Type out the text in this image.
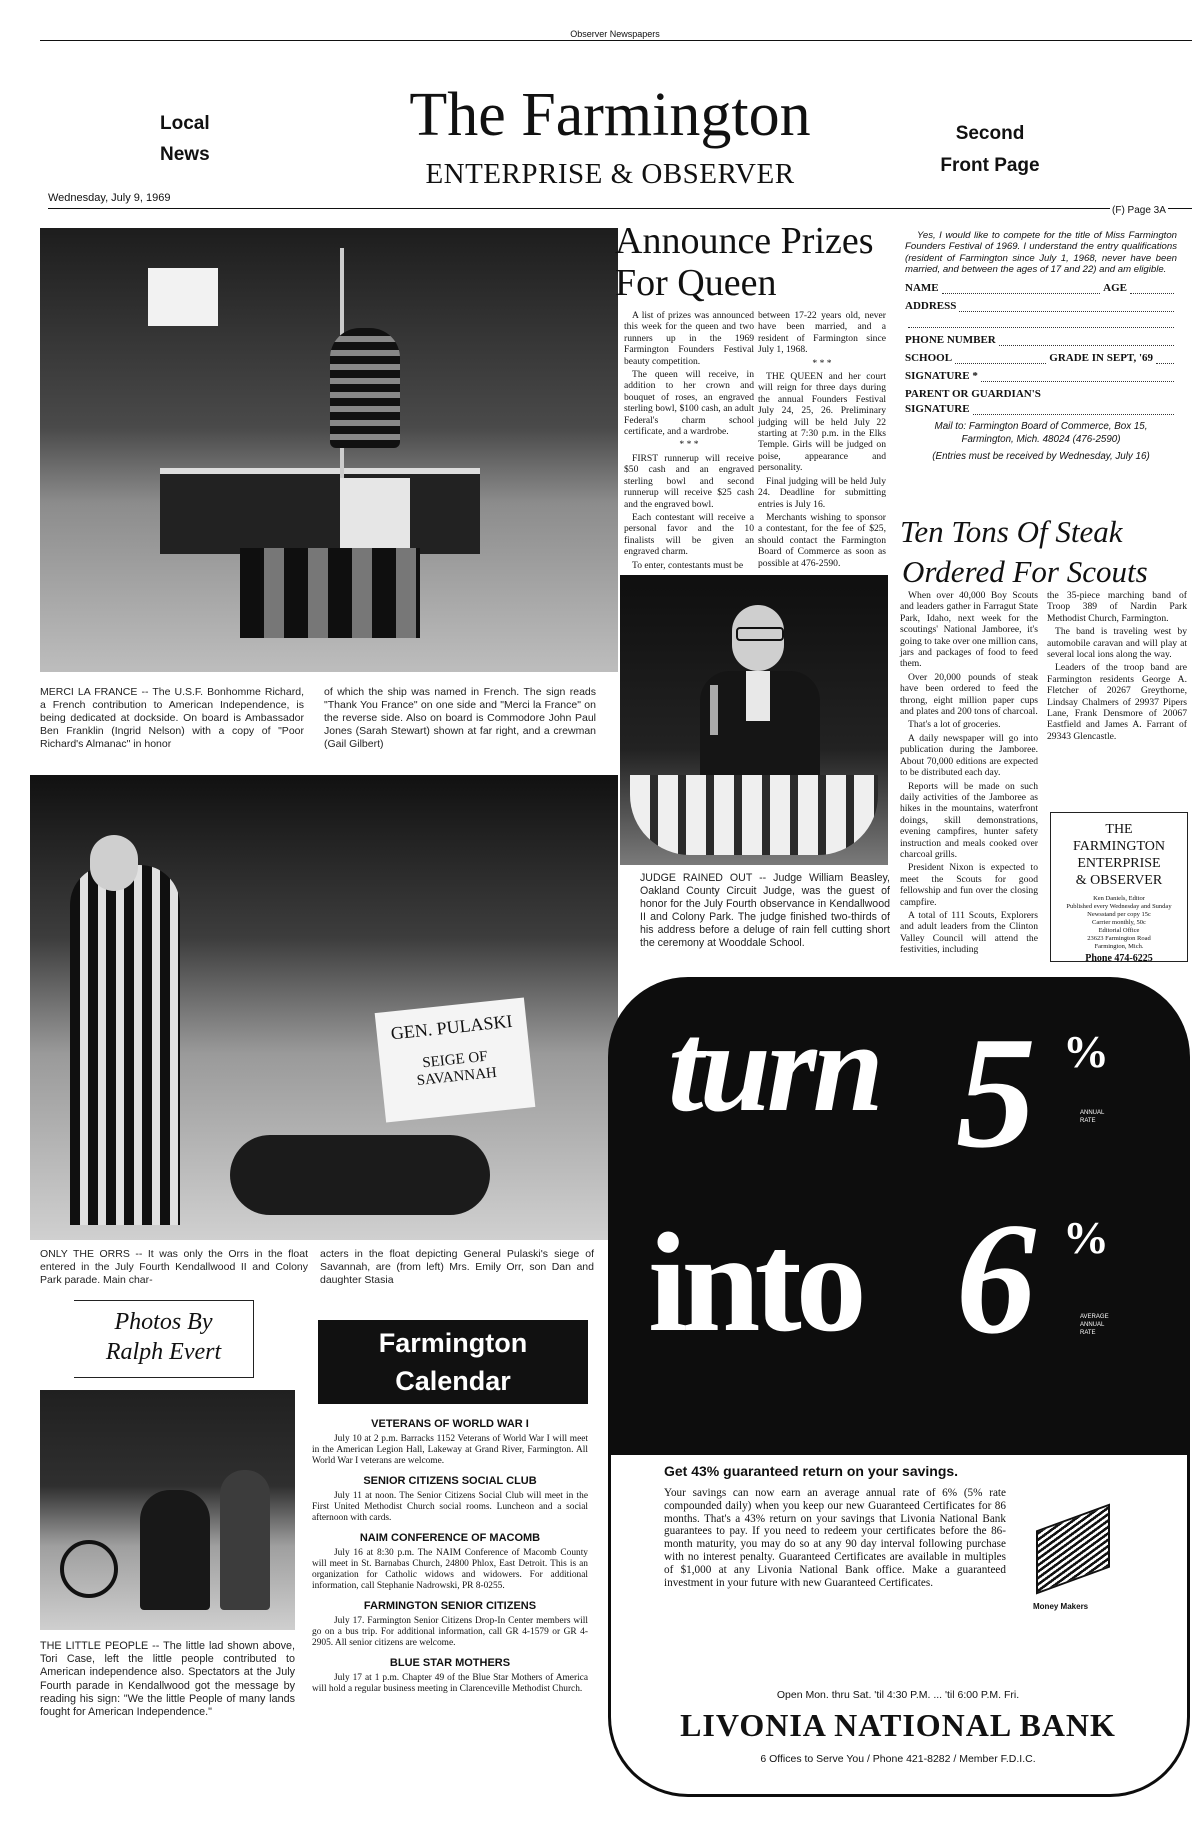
Observer Newspapers
Local
News
The Farmington
ENTERPRISE & OBSERVER
Second
Front Page
Wednesday, July 9, 1969
(F) Page 3A
MERCI LA FRANCE -- The U.S.F. Bonhomme Richard, a French contribution to American Independence, is being dedicated at dockside. On board is Ambassador Ben Franklin (Ingrid Nelson) with a copy of "Poor Richard's Almanac" in honor
of which the ship was named in French. The sign reads "Thank You France" on one side and "Merci la France" on the reverse side. Also on board is Commodore John Paul Jones (Sarah Stewart) shown at far right, and a crewman (Gail Gilbert)
GEN. PULASKI
SEIGE OF SAVANNAH
ONLY THE ORRS -- It was only the Orrs in the float entered in the July Fourth Kendallwood II and Colony Park parade. Main char-
acters in the float depicting General Pulaski's siege of Savannah, are (from left) Mrs. Emily Orr, son Dan and daughter Stasia
Photos By
Ralph Evert
THE LITTLE PEOPLE -- The little lad shown above, Tori Case, left the little people contributed to American independence also. Spectators at the July Fourth parade in Kendallwood got the message by reading his sign: "We the little People of many lands fought for American Independence."
Farmington
Calendar
VETERANS OF WORLD WAR I

July 10 at 2 p.m. Barracks 1152 Veterans of World War I will meet in the American Legion Hall, Lakeway at Grand River, Farmington. All World War I veterans are welcome.

SENIOR CITIZENS SOCIAL CLUB

July 11 at noon. The Senior Citizens Social Club will meet in the First United Methodist Church social rooms. Luncheon and a social afternoon with cards.

NAIM CONFERENCE OF MACOMB

July 16 at 8:30 p.m. The NAIM Conference of Macomb County will meet in St. Barnabas Church, 24800 Phlox, East Detroit. This is an organization for Catholic widows and widowers. For additional information, call Stephanie Nadrowski, PR 8-0255.

FARMINGTON SENIOR CITIZENS

July 17. Farmington Senior Citizens Drop-In Center members will go on a bus trip. For additional information, call GR 4-1579 or GR 4-2905. All senior citizens are welcome.

BLUE STAR MOTHERS

July 17 at 1 p.m. Chapter 49 of the Blue Star Mothers of America will hold a regular business meeting in Clarenceville Methodist Church.

Announce Prizes
For Queen

A list of prizes was announced this week for the queen and two runners up in the 1969 Farmington Founders Festival beauty competition.

The queen will receive, in addition to her crown and bouquet of roses, an engraved sterling bowl, $100 cash, an adult Federal's charm school certificate, and a wardrobe.

* * *

FIRST runnerup will receive $50 cash and an engraved sterling bowl and second runnerup will receive $25 cash and the engraved bowl.

Each contestant will receive a personal favor and the 10 finalists will be given an engraved charm.

To enter, contestants must be

between 17-22 years old, never have been married, and a resident of Farmington since July 1, 1968.

* * *

THE QUEEN and her court will reign for three days during the annual Founders Festival July 24, 25, 26. Preliminary judging will be held July 22 starting at 7:30 p.m. in the Elks Temple. Girls will be judged on poise, appearance and personality.

Final judging will be held July 24. Deadline for submitting entries is July 16.

Merchants wishing to sponsor a contestant, for the fee of $25, should contact the Farmington Board of Commerce as soon as possible at 476-2590.

Yes, I would like to compete for the title of Miss Farmington Founders Festival of 1969. I understand the entry qualifications (resident of Farmington since July 1, 1968, never have been married, and between the ages of 17 and 22) and am eligible.
NAME	AGE
ADDRESS
PHONE NUMBER
SCHOOL	GRADE IN SEPT, '69
SIGNATURE *
PARENT OR GUARDIAN'S
SIGNATURE
Mail to: Farmington Board of Commerce, Box 15,
Farmington, Mich. 48024 (476-2590)
(Entries must be received by Wednesday, July 16)
JUDGE RAINED OUT -- Judge William Beasley, Oakland County Circuit Judge, was the guest of honor for the July Fourth observance in Kendallwood II and Colony Park. The judge finished two-thirds of his address before a deluge of rain fell cutting short the ceremony at Wooddale School.
Ten Tons Of Steak
Ordered For Scouts

When over 40,000 Boy Scouts and leaders gather in Farragut State Park, Idaho, next week for the scoutings' National Jamboree, it's going to take over one million cans, jars and packages of food to feed them.

Over 20,000 pounds of steak have been ordered to feed the throng, eight million paper cups and plates and 200 tons of charcoal.

That's a lot of groceries.

A daily newspaper will go into publication during the Jamboree. About 70,000 editions are expected to be distributed each day.

Reports will be made on such daily activities of the Jamboree as hikes in the mountains, waterfront doings, skill demonstrations, evening campfires, hunter safety instruction and meals cooked over charcoal grills.

President Nixon is expected to meet the Scouts for good fellowship and fun over the closing campfire.

A total of 111 Scouts, Explorers and adult leaders from the Clinton Valley Council will attend the festivities, including

the 35-piece marching band of Troop 389 of Nardin Park Methodist Church, Farmington.

The band is traveling west by automobile caravan and will play at several local ions along the way.

Leaders of the troop band are Farmington residents George A. Fletcher of 20267 Greythorne, Lindsay Chalmers of 29937 Pipers Lane, Frank Densmore of 20067 Eastfield and James A. Farrant of 29343 Glencastle.

THE
FARMINGTON
ENTERPRISE
& OBSERVER
Ken Daniels, Editor
Published every Wednesday and Sunday
Newsstand per copy 15c
Carrier monthly, 50c
Editorial Office
23623 Farmington Road
Farmington, Mich.
Phone 474-6225
turn 5 %
ANNUAL RATE
into 6 %
AVERAGE ANNUAL RATE
Get 43% guaranteed return on your savings.
Your savings can now earn an average annual rate of 6% (5% rate compounded daily) when you keep our new Guaranteed Certificates for 86 months. That's a 43% return on your savings that Livonia National Bank guarantees to pay. If you need to redeem your certificates before the 86-month maturity, you may do so at any 90 day interval following purchase with no interest penalty. Guaranteed Certificates are available in multiples of $1,000 at any Livonia National Bank office. Make a guaranteed investment in your future with new Guaranteed Certificates.
Money Makers
Open Mon. thru Sat. 'til 4:30 P.M. ... 'til 6:00 P.M. Fri.
LIVONIA NATIONAL BANK
6 Offices to Serve You / Phone 421-8282 / Member F.D.I.C.
